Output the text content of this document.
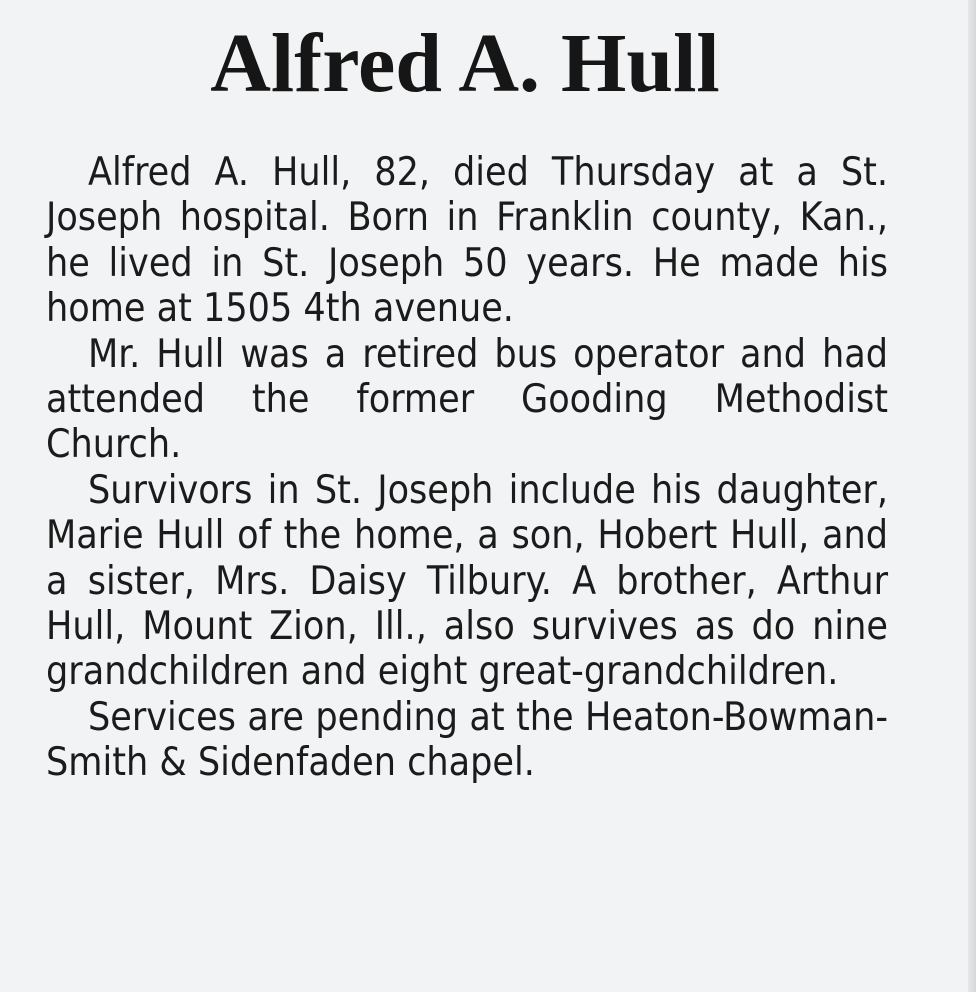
Alfred A. Hull

Alfred A. Hull, 82, died Thursday at a St. Joseph hospital. Born in Franklin county, Kan., he lived in St. Joseph 50 years. He made his home at 1505 4th avenue.

Mr. Hull was a retired bus operator and had attended the former Gooding Methodist Church.

Survivors in St. Joseph include his daughter, Marie Hull of the home, a son, Hobert Hull, and a sister, Mrs. Daisy Tilbury. A brother, Arthur Hull, Mount Zion, Ill., also survives as do nine grandchildren and eight great-grandchildren.

Services are pending at the Heaton-Bowman-Smith & Sidenfaden chapel.
